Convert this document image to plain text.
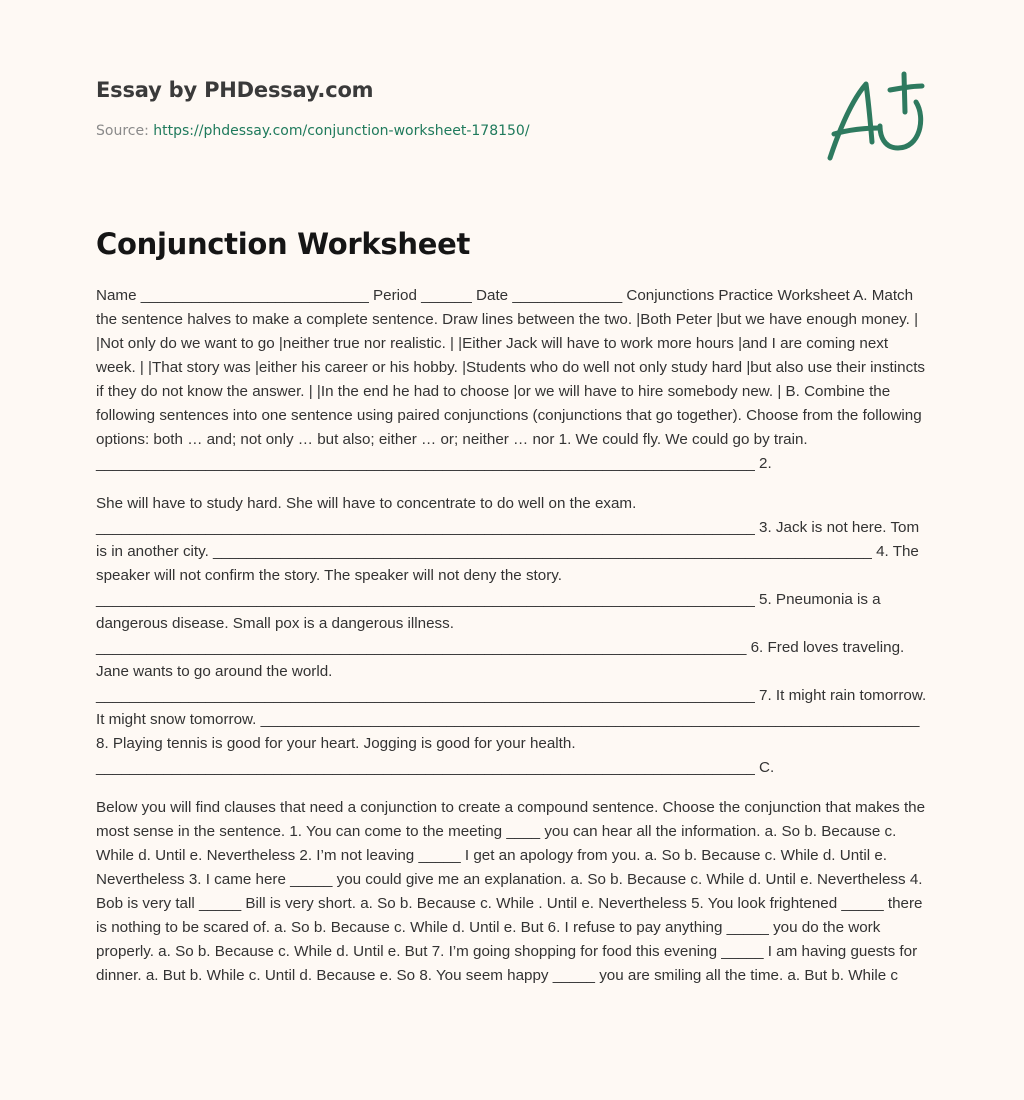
Essay by PHDessay.com
Source: https://phdessay.com/conjunction-worksheet-178150/
Conjunction Worksheet

Name ___________________________ Period ______ Date _____________ Conjunctions Practice Worksheet A. Match the sentence halves to make a complete sentence. Draw lines between the two. |Both Peter |but we have enough money. | |Not only do we want to go |neither true nor realistic. | |Either Jack will have to work more hours |and I are coming next week. | |That story was |either his career or his hobby. |Students who do well not only study hard |but also use their instincts if they do not know the answer. | |In the end he had to choose |or we will have to hire somebody new. | B. Combine the following sentences into one sentence using paired conjunctions (conjunctions that go together). Choose from the following options: both … and; not only … but also; either … or; neither … nor 1. We could fly. We could go by train. ______________________________________________________________________________ 2.

She will have to study hard. She will have to concentrate to do well on the exam. ______________________________________________________________________________ 3. Jack is not here. Tom is in another city. ______________________________________________________________________________ 4. The speaker will not confirm the story. The speaker will not deny the story. ______________________________________________________________________________ 5. Pneumonia is a dangerous disease. Small pox is a dangerous illness. _____________________________________________________________________________ 6. Fred loves traveling. Jane wants to go around the world. ______________________________________________________________________________ 7. It might rain tomorrow. It might snow tomorrow. ______________________________________________________________________________ 8. Playing tennis is good for your heart. Jogging is good for your health. ______________________________________________________________________________ C.

Below you will find clauses that need a conjunction to create a compound sentence. Choose the conjunction that makes the most sense in the sentence. 1. You can come to the meeting ____ you can hear all the information. a. So b. Because c. While d. Until e. Nevertheless 2. I’m not leaving _____ I get an apology from you. a. So b. Because c. While d. Until e. Nevertheless 3. I came here _____ you could give me an explanation. a. So b. Because c. While d. Until e. Nevertheless 4. Bob is very tall _____ Bill is very short. a. So b. Because c. While . Until e. Nevertheless 5. You look frightened _____ there is nothing to be scared of. a. So b. Because c. While d. Until e. But 6. I refuse to pay anything _____ you do the work properly. a. So b. Because c. While d. Until e. But 7. I’m going shopping for food this evening _____ I am having guests for dinner. a. But b. While c. Until d. Because e. So 8. You seem happy _____ you are smiling all the time. a. But b. While c
